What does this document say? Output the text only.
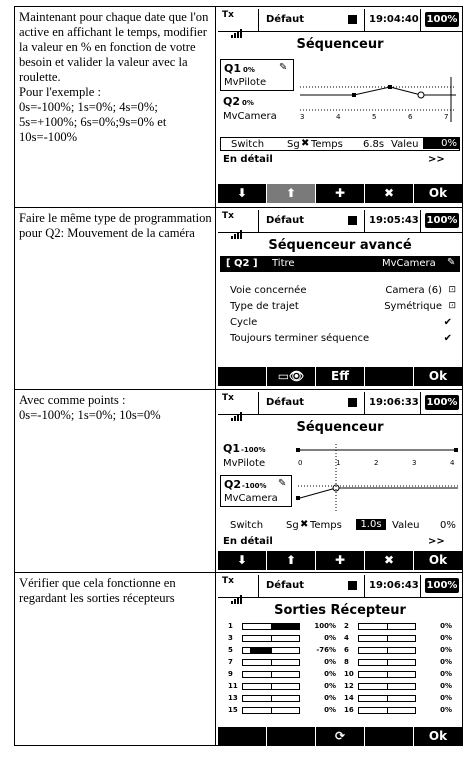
Maintenant pour chaque date que l'on active en affichant le temps, modifier la valeur en % en fonction de votre besoin et valider la valeur avec la roulette.
Pour l'exemple :
0s=-100%; 1s=0%; 4s=0%; 5s=+100%; 6s=0%;9s=0% et 10s=-100%
Tx	Défaut	19:04:40 100%
Séquenceur
Q1 0% ✎
MvPilote
Q2 0%
MvCamera	3	4	5	6	7
Switch Sg ✖ Temps 6.8s Valeu	0%
En détail	>>
⬇	⬆	✚	✖	Ok
Faire le même type de programmation pour Q2: Mouvement de la caméra
Tx	Défaut	19:05:43 100%
Séquenceur avancé
[ Q2 ] Titre	MvCamera ✎
Voie concernée	Camera (6) ⊡
Type de trajet	Symétrique ⊡
Cycle	✔
Toujours terminer séquence	✔
▭👁	Eff	Ok
Avec comme points :
0s=-100%; 1s=0%; 10s=0%
Tx	Défaut	19:06:33 100%
Séquenceur
Q1 -100%
MvPilote
Q2 -100% ✎
MvCamera
0	1	2	3	4
Switch Sg ✖ Temps	1.0s	Valeu 0%
En détail	>>
⬇	⬆	✚	✖	Ok
Vérifier que cela fonctionne en regardant les sorties récepteurs
Tx	Défaut	19:06:43 100%
Sorties Récepteur
1	100% 2	0%
3	0% 4	0%
5	-76% 6	0%
7	0% 8	0%
9	0% 10	0%
11	0% 12	0%
13	0% 14	0%
15	0% 16	0%
⟳	Ok
